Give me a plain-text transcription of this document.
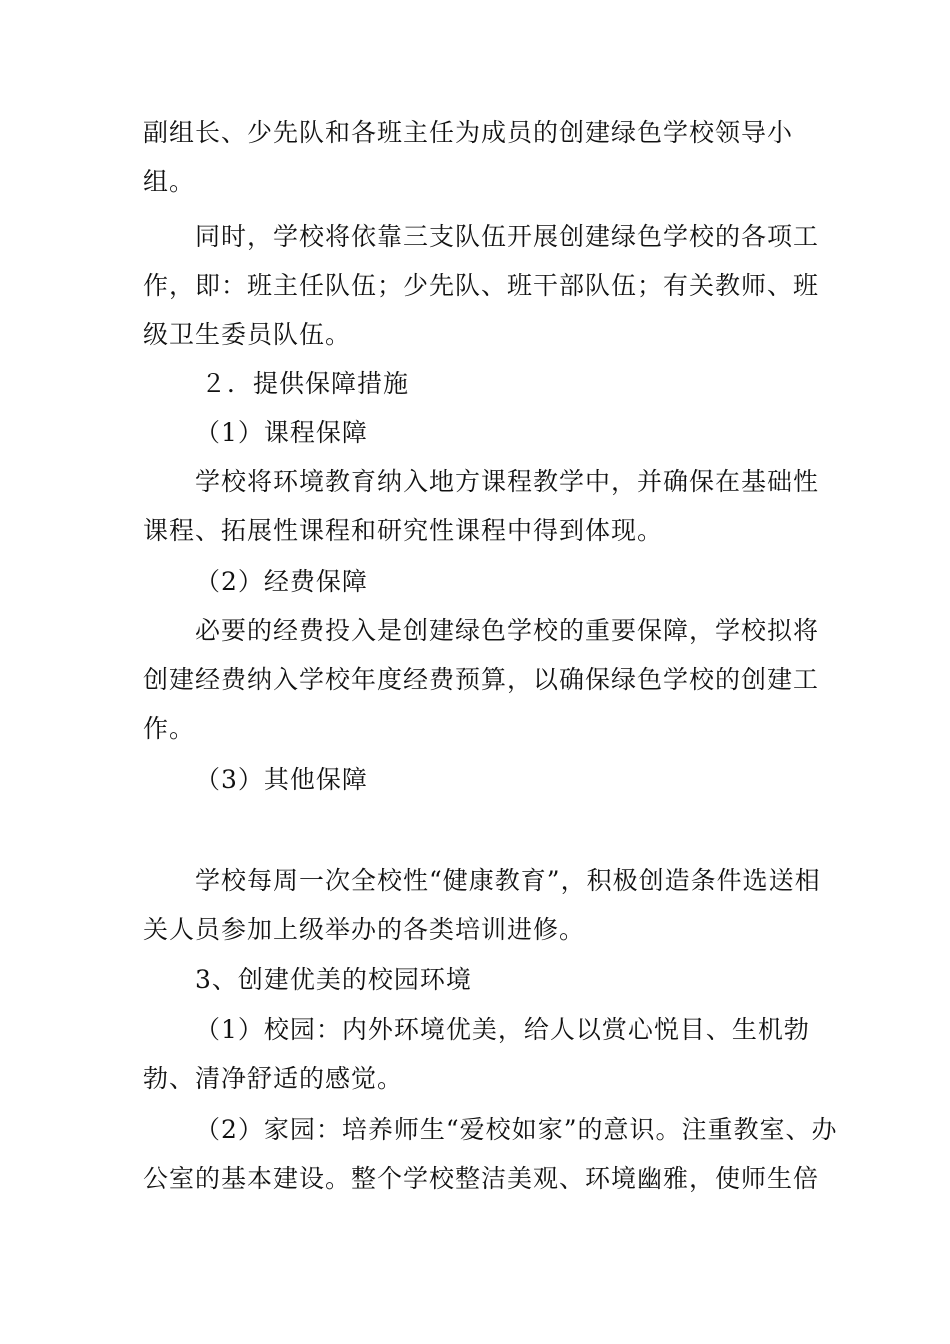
副组长、少先队和各班主任为成员的创建绿色学校领导小
组。

同时，学校将依靠三支队伍开展创建绿色学校的各项工
作，即：班主任队伍；少先队、班干部队伍；有关教师、班
级卫生委员队伍。

２．提供保障措施

（1）课程保障

学校将环境教育纳入地方课程教学中，并确保在基础性
课程、拓展性课程和研究性课程中得到体现。

（2）经费保障

必要的经费投入是创建绿色学校的重要保障，学校拟将
创建经费纳入学校年度经费预算，以确保绿色学校的创建工
作。

（3）其他保障

学校每周一次全校性“健康教育”，积极创造条件选送相
关人员参加上级举办的各类培训进修。

3、创建优美的校园环境

（1）校园：内外环境优美，给人以赏心悦目、生机勃
勃、清净舒适的感觉。

（2）家园：培养师生“爱校如家”的意识。注重教室、办
公室的基本建设。整个学校整洁美观、环境幽雅，使师生倍
